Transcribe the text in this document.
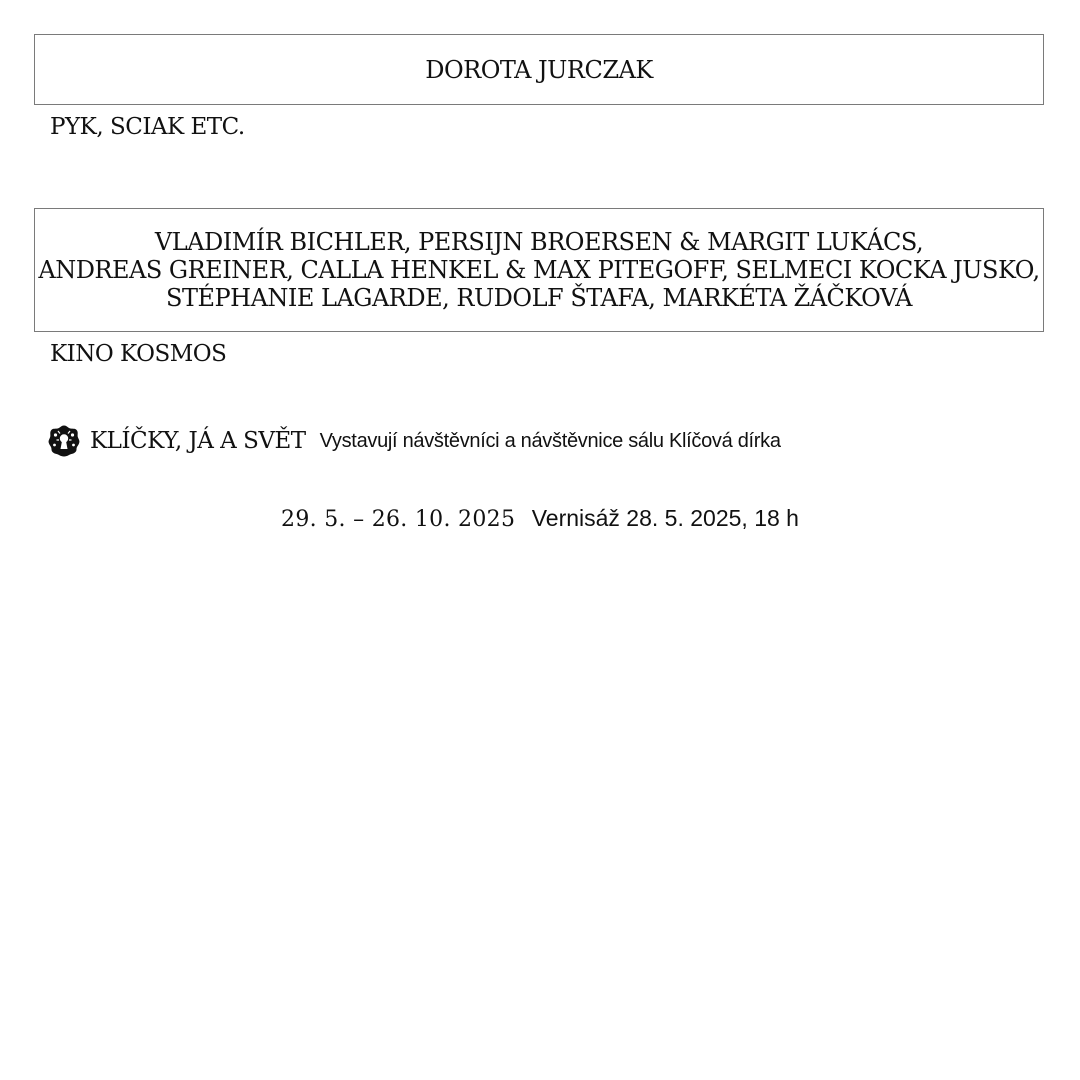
DOROTA JURCZAK
PYK, SCIAK ETC.
VLADIMÍR BICHLER, PERSIJN BROERSEN & MARGIT LUKÁCS,
ANDREAS GREINER, CALLA HENKEL & MAX PITEGOFF, SELMECI KOCKA JUSKO,
STÉPHANIE LAGARDE, RUDOLF ŠTAFA, MARKÉTA ŽÁČKOVÁ
KINO KOSMOS
KLÍČKY, JÁ A SVĚT Vystavují návštěvníci a návštěvnice sálu Klíčová dírka
29. 5. – 26. 10. 2025 Vernisáž 28. 5. 2025, 18 h
